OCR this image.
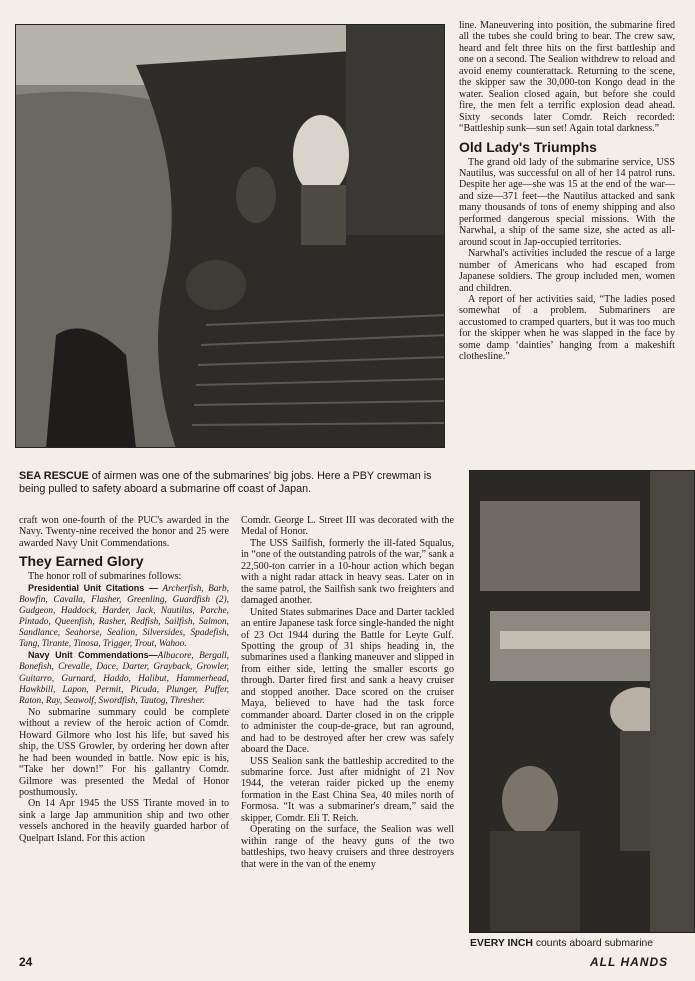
SEA RESCUE of airmen was one of the submarines' big jobs. Here a PBY crewman is being pulled to safety aboard a submarine off coast of Japan.
EVERY INCH counts aboard submarine

craft won one-fourth of the PUC's awarded in the Navy. Twenty-nine received the honor and 25 were awarded Navy Unit Commendations.

They Earned Glory

The honor roll of submarines follows:

Presidential Unit Citations — Archerfish, Barb, Bowfin, Cavalla, Flasher, Greenling, Guardfish (2), Gudgeon, Haddock, Harder, Jack, Nautilus, Parche, Pintado, Queenfish, Rasher, Redfish, Sailfish, Salmon, Sandlance, Seahorse, Sealion, Silversides, Spadefish, Tang, Tirante, Tinosa, Trigger, Trout, Wahoo.

Navy Unit Commendations—Albacore, Bergall, Bonefish, Crevalle, Dace, Darter, Grayback, Growler, Guitarro, Gurnard, Haddo, Halibut, Hammerhead, Hawkbill, Lapon, Permit, Picuda, Plunger, Puffer, Raton, Ray, Seawolf, Swordfish, Tautog, Thresher.

No submarine summary could be complete without a review of the heroic action of Comdr. Howard Gilmore who lost his life, but saved his ship, the USS Growler, by ordering her down after he had been wounded in battle. Now epic is his, “Take her down!” For his gallantry Comdr. Gilmore was presented the Medal of Honor posthumously.

On 14 Apr 1945 the USS Tirante moved in to sink a large Jap ammunition ship and two other vessels anchored in the heavily guarded harbor of Quelpart Island. For this action

Comdr. George L. Street III was decorated with the Medal of Honor.

The USS Sailfish, formerly the ill-fated Squalus, in “one of the outstanding patrols of the war,” sank a 22,500-ton carrier in a 10-hour action which began with a night radar attack in heavy seas. Later on in the same patrol, the Sailfish sank two freighters and damaged another.

United States submarines Dace and Darter tackled an entire Japanese task force single-handed the night of 23 Oct 1944 during the Battle for Leyte Gulf. Spotting the group of 31 ships heading in, the submarines used a flanking maneuver and slipped in from either side, letting the smaller escorts go through. Darter fired first and sank a heavy cruiser and stopped another. Dace scored on the cruiser Maya, believed to have had the task force commander aboard. Darter closed in on the cripple to administer the coup-de-grace, but ran aground, and had to be destroyed after her crew was safely aboard the Dace.

USS Sealion sank the battleship accredited to the submarine force. Just after midnight of 21 Nov 1944, the veteran raider picked up the enemy formation in the East China Sea, 40 miles north of Formosa. “It was a submariner's dream,” said the skipper, Comdr. Eli T. Reich.

Operating on the surface, the Sealion was well within range of the heavy guns of the two battleships, two heavy cruisers and three destroyers that were in the van of the enemy

line. Maneuvering into position, the submarine fired all the tubes she could bring to bear. The crew saw, heard and felt three hits on the first battleship and one on a second. The Sealion withdrew to reload and avoid enemy counterattack. Returning to the scene, the skipper saw the 30,000-ton Kongo dead in the water. Sealion closed again, but before she could fire, the men felt a terrific explosion dead ahead. Sixty seconds later Comdr. Reich recorded: “Battleship sunk—sun set! Again total darkness.”

Old Lady's Triumphs

The grand old lady of the submarine service, USS Nautilus, was successful on all of her 14 patrol runs. Despite her age—she was 15 at the end of the war—and size—371 feet—the Nautilus attacked and sank many thousands of tons of enemy shipping and also performed dangerous special missions. With the Narwhal, a ship of the same size, she acted as all-around scout in Jap-occupied territories.

Narwhal's activities included the rescue of a large number of Americans who had escaped from Japanese soldiers. The group included men, women and children.

A report of her activities said, “The ladies posed somewhat of a problem. Submariners are accustomed to cramped quarters, but it was too much for the skipper when he was slapped in the face by some damp ‘dainties’ hanging from a makeshift clothesline.”

24	ALL HANDS
